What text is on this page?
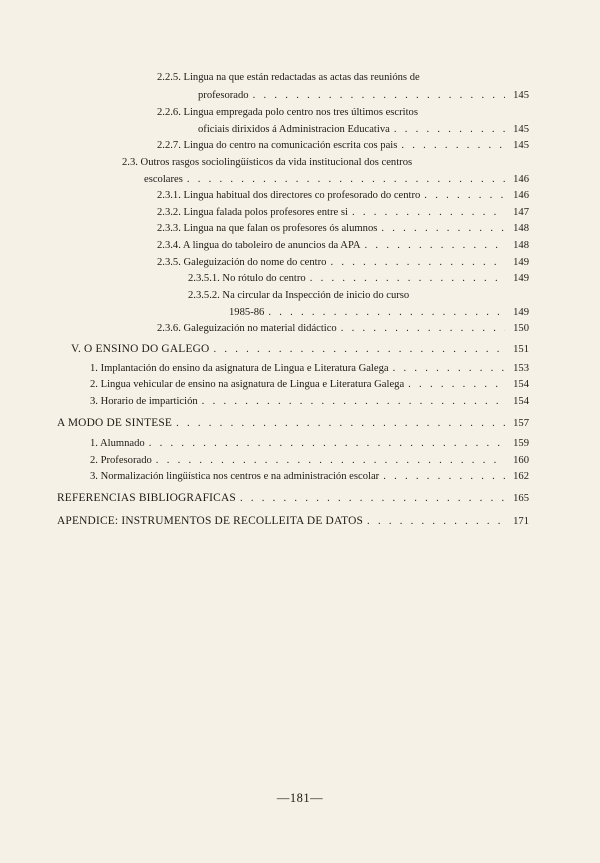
2.2.5. Lingua na que están redactadas as actas das reunións de
profesorado . . .	145
2.2.6. Lingua empregada polo centro nos tres últimos escritos
oficiais dirixidos á Administracion Educativa . . .	145
2.2.7. Lingua do centro na comunicación escrita cos pais . . .	145
2.3. Outros rasgos sociolingüísticos da vida institucional dos centros
escolares . . .	146
2.3.1. Lingua habitual dos directores co profesorado do centro . . .	146
2.3.2. Lingua falada polos profesores entre si . . .	147
2.3.3. Lingua na que falan os profesores ós alumnos . . .	148
2.3.4. A lingua do taboleiro de anuncios da APA . . .	148
2.3.5. Galeguización do nome do centro . . .	149
2.3.5.1. No rótulo do centro . . .	149
2.3.5.2. Na circular da Inspección de inicio do curso
1985-86 . . .	149
2.3.6. Galeguización no material didáctico . . .	150
V. O ENSINO DO GALEGO . . .	151
1. Implantación do ensino da asignatura de Lingua e Literatura Galega . . .	153
2. Lingua vehicular de ensino na asignatura de Lingua e Literatura Galega . . .	154
3. Horario de impartición . . .	154
A MODO DE SINTESE . . .	157
1. Alumnado . . .	159
2. Profesorado . . .	160
3. Normalización lingüística nos centros e na administración escolar . . .	162
REFERENCIAS BIBLIOGRAFICAS . . .	165
APENDICE: INSTRUMENTOS DE RECOLLEITA DE DATOS . . .	171
—181—
